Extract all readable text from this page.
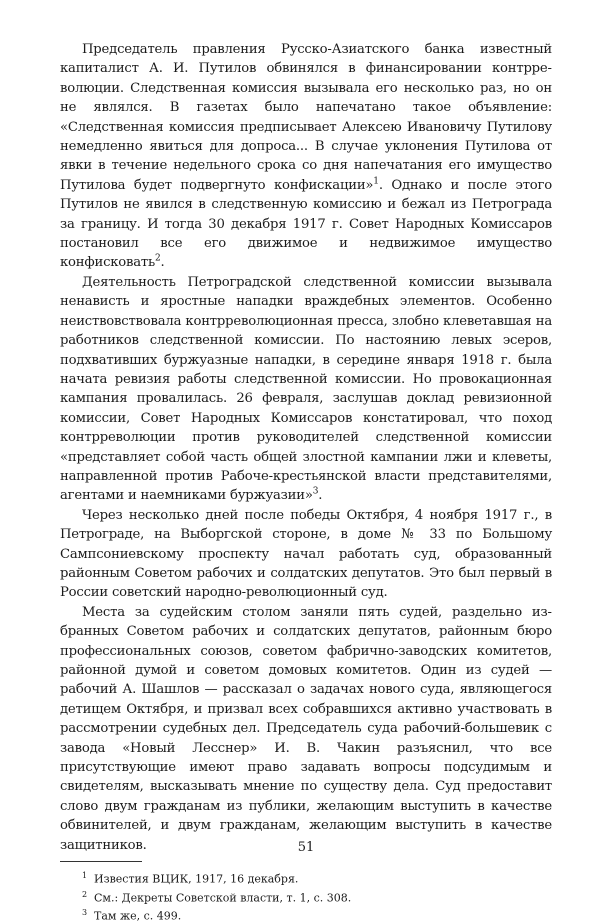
Председатель правления Русско-Азиатского банка известный капиталист А. И. Путилов обвинялся в финансировании контрреволюции. Следственная комиссия вызывала его несколько раз, но он не являлся. В газетах было напечатано такое объявление: «Следственная комиссия предписывает Алексею Ивановичу Путилову немедленно явиться для допроса... В случае уклонения Путилова от явки в течение недельного срока со дня напечатания его имущество Путилова будет подвергнуто конфискации»$^1$. Однако и после этого Путилов не явился в следственную комиссию и бежал из Петрограда за границу. И тогда 30 декабря 1917 г. Совет Народных Комиссаров постановил все его движимое и недвижимое имущество конфисковать$^2$.

Деятельность Петроградской следственной комиссии вызывала ненависть и яростные нападки враждебных элементов. Особенно неиствовствовала контрреволюционная пресса, злобно клеветавшая на работников следственной комиссии. По настоянию левых эсеров, подхвативших буржуазные нападки, в середине января 1918 г. была начата ревизия работы следственной комиссии. Но провокационная кампания провалилась. 26 февраля, заслушав доклад ревизионной комиссии, Совет Народных Комиссаров констатировал, что поход контрреволюции против руководителей следственной комиссии «представляет собой часть общей злостной кампании лжи и клеветы, направленной против Рабоче-крестьянской власти представителями, агентами и наемниками буржуазии»$^3$.

Через несколько дней после победы Октября, 4 ноября 1917 г., в Петрограде, на Выборгской стороне, в доме № 33 по Большому Сампсониевскому проспекту начал работать суд, образованный районным Советом рабочих и солдатских депутатов. Это был первый в России советский народно-революционный суд.

Места за судейским столом заняли пять судей, раздельно избранных Советом рабочих и солдатских депутатов, районным бюро профессиональных союзов, советом фабрично-заводских комитетов, районной думой и советом домовых комитетов. Один из судей — рабочий А. Шашлов — рассказал о задачах нового суда, являющегося детищем Октября, и призвал всех собравшихся активно участвовать в рассмотрении судебных дел. Председатель суда рабочий-большевик с завода «Новый Лесснер» И. В. Чакин разъяснил, что все присутствующие имеют право задавать вопросы подсудимым и свидетелям, высказывать мнение по существу дела. Суд предоставит слово двум гражданам из публики, желающим выступить в качестве обвинителей, и двум гражданам, желающим выступить в качестве защитников.

$^1$ Известия ВЦИК, 1917, 16 декабря.
$^2$ См.: Декреты Советской власти, т. 1, с. 308.
$^3$ Там же, с. 499.
51
